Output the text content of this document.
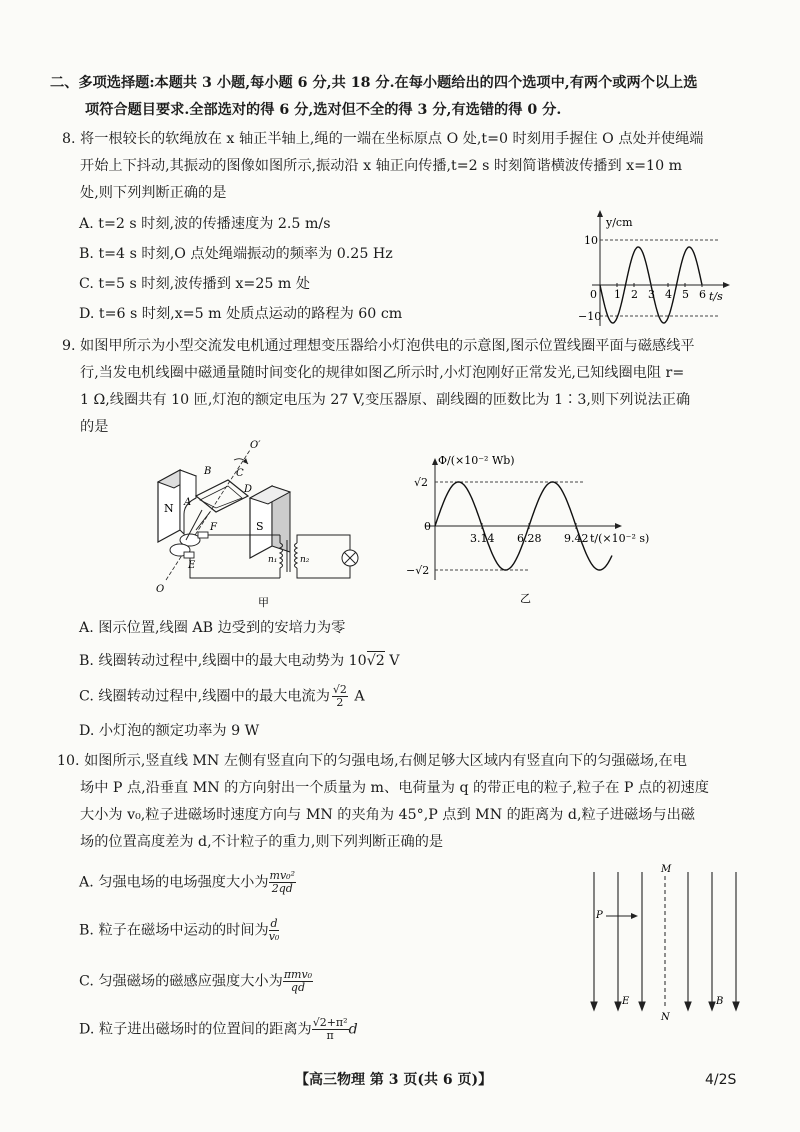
二、多项选择题:本题共 3 小题,每小题 6 分,共 18 分.在每小题给出的四个选项中,有两个或两个以上选
项符合题目要求.全部选对的得 6 分,选对但不全的得 3 分,有选错的得 0 分.
8. 将一根较长的软绳放在 x 轴正半轴上,绳的一端在坐标原点 O 处,t=0 时刻用手握住 O 点处并使绳端
开始上下抖动,其振动的图像如图所示,振动沿 x 轴正向传播,t=2 s 时刻简谐横波传播到 x=10 m
处,则下列判断正确的是
A. t=2 s 时刻,波的传播速度为 2.5 m/s
B. t=4 s 时刻,O 点处绳端振动的频率为 0.25 Hz
C. t=5 s 时刻,波传播到 x=25 m 处
D. t=6 s 时刻,x=5 m 处质点运动的路程为 60 cm
y/cm
t/s
0
10
−10
1 2 3 4 5 6
9. 如图甲所示为小型交流发电机通过理想变压器给小灯泡供电的示意图,图示位置线圈平面与磁感线平
行,当发电机线圈中磁通量随时间变化的规律如图乙所示时,小灯泡刚好正常发光,已知线圈电阻 r=
1 Ω,线圈共有 10 匝,灯泡的额定电压为 27 V,变压器原、副线圈的匝数比为 1∶3,则下列说法正确
的是
N
S
A
B C
D
E
F
O
O′
n₁	n₂
甲
Φ/(×10⁻² Wb)
t/(×10⁻² s)
0
√2
−√2
3.14 6.28 9.42
乙
A. 图示位置,线圈 AB 边受到的安培力为零
B. 线圈转动过程中,线圈中的最大电动势为 10√2 V
C. 线圈转动过程中,线圈中的最大电流为 $\frac{√2}{2}$ A
D. 小灯泡的额定功率为 9 W
10. 如图所示,竖直线 MN 左侧有竖直向下的匀强电场,右侧足够大区域内有竖直向下的匀强磁场,在电
场中 P 点,沿垂直 MN 的方向射出一个质量为 m、电荷量为 q 的带正电的粒子,粒子在 P 点的初速度
大小为 v₀,粒子进磁场时速度方向与 MN 的夹角为 45°,P 点到 MN 的距离为 d,粒子进磁场与出磁
场的位置高度差为 d,不计粒子的重力,则下列判断正确的是
A. 匀强电场的电场强度大小为 $\frac{\text{mv₀²}}{2qd}$
B. 粒子在磁场中运动的时间为 $\frac{d}{\text{v₀}}$
C. 匀强磁场的磁感应强度大小为 πmv₀
qd
D. 粒子进出磁场时的位置间的距离为 $\frac{\text{√2+π²}}{\pi}$ d
M
N
P
E	B
【高三物理 第 3 页(共 6 页)】	4/2S
